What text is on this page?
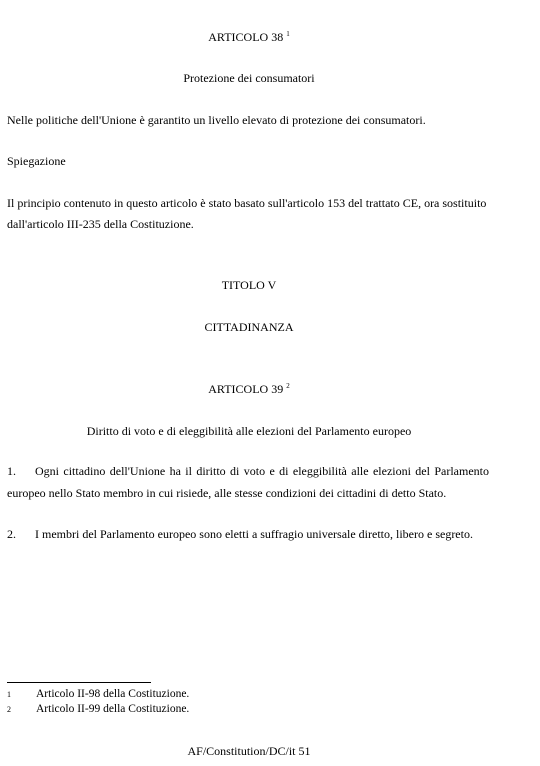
ARTICOLO 38 $^1$
Protezione dei consumatori
Nelle politiche dell'Unione è garantito un livello elevato di protezione dei consumatori.
Spiegazione
Il principio contenuto in questo articolo è stato basato sull'articolo 153 del trattato CE, ora sostituito
dall'articolo III-235 della Costituzione.
TITOLO V
CITTADINANZA
ARTICOLO 39 $^2$
Diritto di voto e di eleggibilità alle elezioni del Parlamento europeo
1. Ogni cittadino dell'Unione ha il diritto di voto e di eleggibilità alle elezioni del Parlamento
europeo nello Stato membro in cui risiede, alle stesse condizioni dei cittadini di detto Stato.
2. I membri del Parlamento europeo sono eletti a suffragio universale diretto, libero e segreto.
1 Articolo II-98 della Costituzione.
2 Articolo II-99 della Costituzione.
AF/Constitution/DC/it 51
